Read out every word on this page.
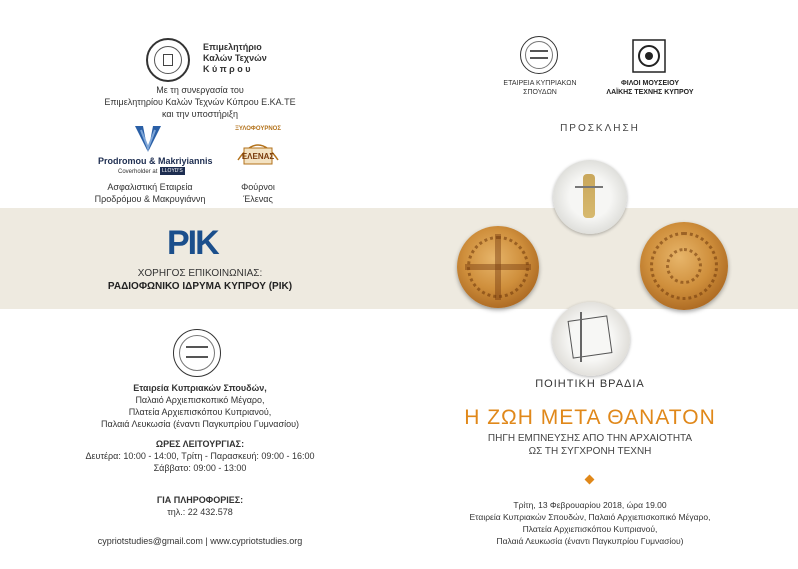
Επιμελητήριο
Καλών Τεχνών
Κ ύ π ρ ο υ
Με τη συνεργασία του
Επιμελητηρίου Καλών Τεχνών Κύπρου Ε.ΚΑ.ΤΕ
και την υποστήριξη
Prodromou & Makriyiannis
Coverholder at LLOYD'S
Ασφαλιστική Εταιρεία
Προδρόμου & Μακρυγιάννη
ΞΥΛΟΦΟΥΡΝΟΣ
ΕΛΕΝΑΣ
Φούρνοι
Έλενας
ΡΙΚ
ΧΟΡΗΓΟΣ ΕΠΙΚΟΙΝΩΝΙΑΣ:
ΡΑΔΙΟΦΩΝΙΚΟ ΙΔΡΥΜΑ ΚΥΠΡΟΥ (ΡΙΚ)
Εταιρεία Κυπριακών Σπουδών,
Παλαιό Αρχιεπισκοπικό Μέγαρο,
Πλατεία Αρχιεπισκόπου Κυπριανού,
Παλαιά Λευκωσία (έναντι Παγκυπρίου Γυμνασίου)
ΩΡΕΣ ΛΕΙΤΟΥΡΓΙΑΣ:
Δευτέρα: 10:00 - 14:00, Τρίτη - Παρασκευή: 09:00 - 16:00
Σάββατο: 09:00 - 13:00
ΓΙΑ ΠΛΗΡΟΦΟΡΙΕΣ:
τηλ.: 22 432.578
cypriotstudies@gmail.com | www.cypriotstudies.org
ΕΤΑΙΡΕΙΑ ΚΥΠΡΙΑΚΩΝ
ΣΠΟΥΔΩΝ
ΦΙΛΟΙ ΜΟΥΣΕΙΟΥ
ΛΑΪΚΗΣ ΤΕΧΝΗΣ ΚΥΠΡΟΥ
ΠΡΟΣΚΛΗΣΗ
ΠΟΙΗΤΙΚΗ ΒΡΑΔΙΑ
Η ΖΩΗ ΜΕΤΑ ΘΑΝΑΤΟΝ
ΠΗΓΗ ΕΜΠΝΕΥΣΗΣ ΑΠΟ ΤΗΝ ΑΡΧΑΙΟΤΗΤΑ
ΩΣ ΤΗ ΣΥΓΧΡΟΝΗ ΤΕΧΝΗ
Τρίτη, 13 Φεβρουαρίου 2018, ώρα 19.00
Εταιρεία Κυπριακών Σπουδών, Παλαιό Αρχιεπισκοπικό Μέγαρο,
Πλατεία Αρχιεπισκόπου Κυπριανού,
Παλαιά Λευκωσία (έναντι Παγκυπρίου Γυμνασίου)
